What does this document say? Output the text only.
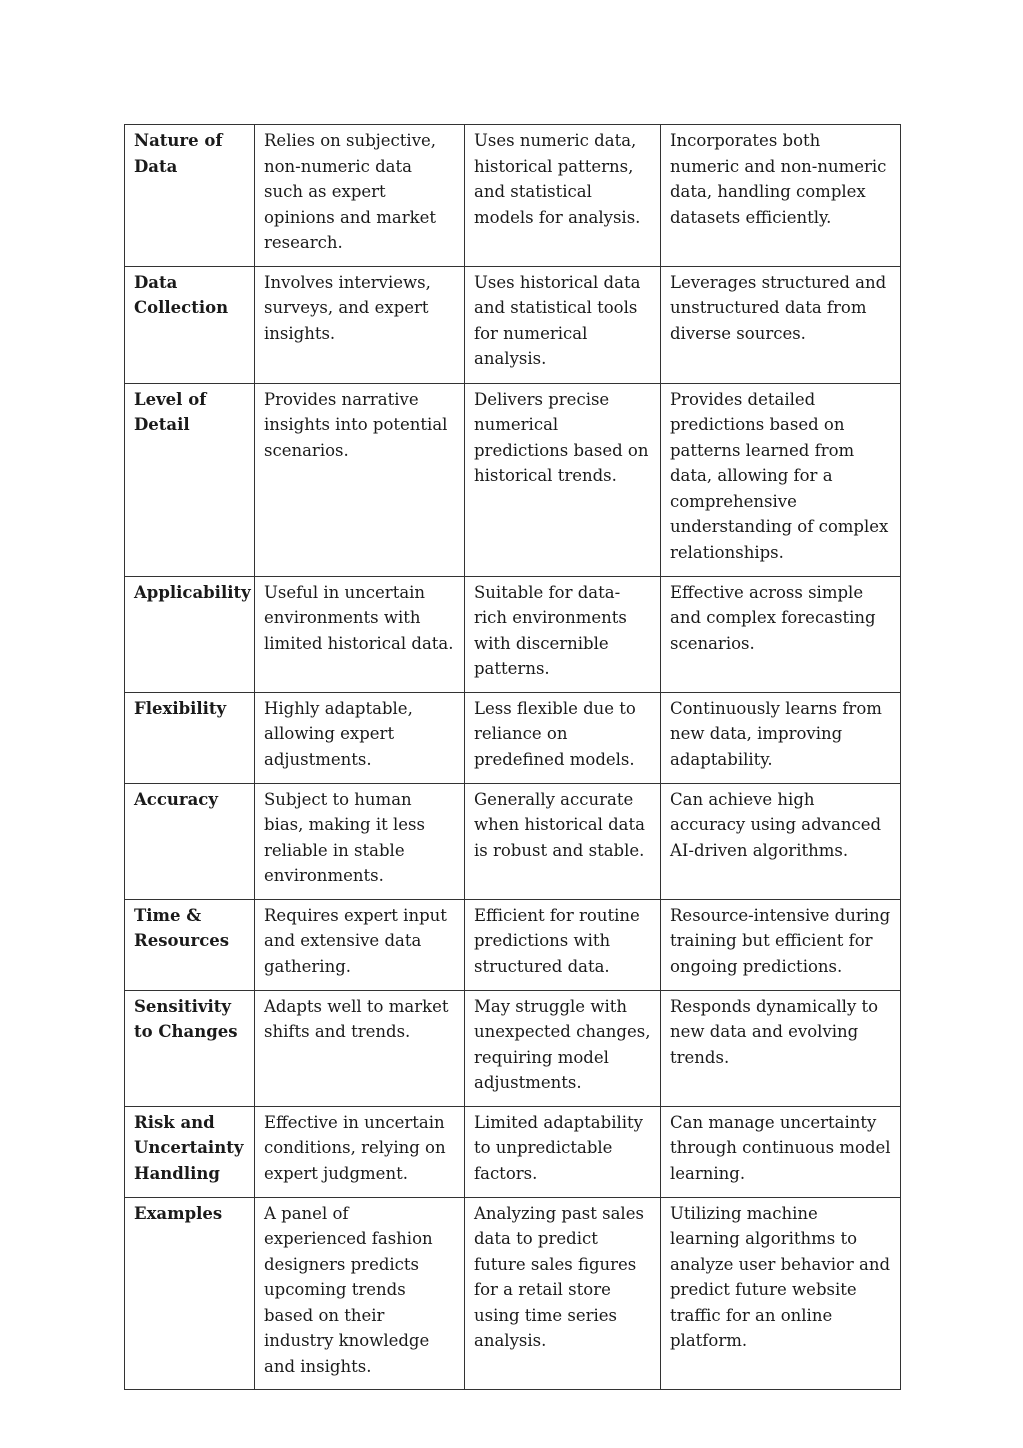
Nature of Data	Relies on subjective, non-numeric data such as expert opinions and market research.	Uses numeric data, historical patterns, and statistical models for analysis.	Incorporates both numeric and non-numeric data, handling complex datasets efficiently.
Data Collection	Involves interviews, surveys, and expert insights.	Uses historical data and statistical tools for numerical analysis.	Leverages structured and unstructured data from diverse sources.
Level of Detail	Provides narrative insights into potential scenarios.	Delivers precise numerical predictions based on historical trends.	Provides detailed predictions based on patterns learned from data, allowing for a comprehensive understanding of complex relationships.
Applicability	Useful in uncertain environments with limited historical data.	Suitable for data-rich environments with discernible patterns.	Effective across simple and complex forecasting scenarios.
Flexibility	Highly adaptable, allowing expert adjustments.	Less flexible due to reliance on predefined models.	Continuously learns from new data, improving adaptability.
Accuracy	Subject to human bias, making it less reliable in stable environments.	Generally accurate when historical data is robust and stable.	Can achieve high accuracy using advanced AI-driven algorithms.
Time & Resources	Requires expert input and extensive data gathering.	Efficient for routine predictions with structured data.	Resource-intensive during training but efficient for ongoing predictions.
Sensitivity to Changes	Adapts well to market shifts and trends.	May struggle with unexpected changes, requiring model adjustments.	Responds dynamically to new data and evolving trends.
Risk and Uncertainty Handling	Effective in uncertain conditions, relying on expert judgment.	Limited adaptability to unpredictable factors.	Can manage uncertainty through continuous model learning.
Examples	A panel of experienced fashion designers predicts upcoming trends based on their industry knowledge and insights.	Analyzing past sales data to predict future sales figures for a retail store using time series analysis.	Utilizing machine learning algorithms to analyze user behavior and predict future website traffic for an online platform.
